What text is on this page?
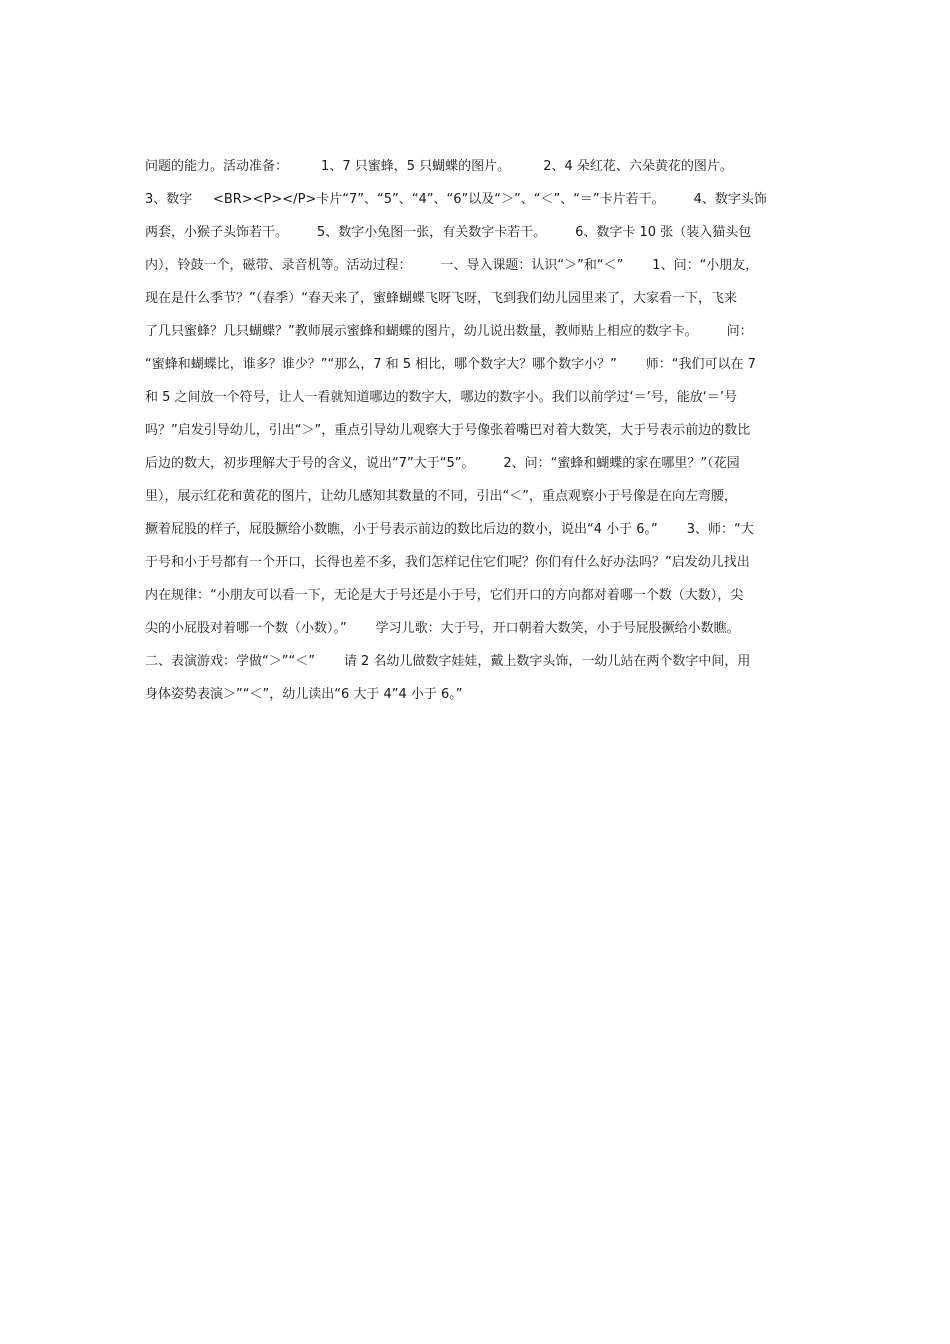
问题的能力。活动准备：        1、7 只蜜蜂，5 只蝴蝶的图片。        2、4 朵红花、六朵黄花的图片。
3、数字     <BR><P></P>卡片“7”、“5”、“4”、“6”以及“＞”、“＜”、“＝”卡片若干。       4、数字头饰
两套，小猴子头饰若干。       5、数字小兔图一张，有关数字卡若干。       6、数字卡 10 张（装入猫头包
内），铃鼓一个，磁带、录音机等。活动过程：       一、导入课题：认识“＞”和“＜”       1、问：“小朋友，
现在是什么季节？”（春季）“春天来了，蜜蜂蝴蝶飞呀飞呀，飞到我们幼儿园里来了，大家看一下，飞来
了几只蜜蜂？几只蝴蝶？”教师展示蜜蜂和蝴蝶的图片，幼儿说出数量，教师贴上相应的数字卡。       问：
“蜜蜂和蝴蝶比，谁多？谁少？”“那么，7 和 5 相比，哪个数字大？哪个数字小？”       师：“我们可以在 7
和 5 之间放一个符号，让人一看就知道哪边的数字大，哪边的数字小。我们以前学过‘＝’号，能放‘＝’号
吗？”启发引导幼儿，引出“＞”，重点引导幼儿观察大于号像张着嘴巴对着大数笑，大于号表示前边的数比
后边的数大，初步理解大于号的含义，说出“7”大于“5”。       2、问：“蜜蜂和蝴蝶的家在哪里？”（花园
里），展示红花和黄花的图片，让幼儿感知其数量的不同，引出“＜”，重点观察小于号像是在向左弯腰，
撅着屁股的样子，屁股撅给小数瞧，小于号表示前边的数比后边的数小，说出“4 小于 6。”       3、师：“大
于号和小于号都有一个开口，长得也差不多，我们怎样记住它们呢？你们有什么好办法吗？”启发幼儿找出
内在规律：“小朋友可以看一下，无论是大于号还是小于号，它们开口的方向都对着哪一个数（大数），尖
尖的小屁股对着哪一个数（小数）。”       学习儿歌：大于号，开口朝着大数笑，小于号屁股撅给小数瞧。
二、表演游戏：学做“＞”“＜”       请 2 名幼儿做数字娃娃，戴上数字头饰，一幼儿站在两个数字中间，用
身体姿势表演＞”“＜”，幼儿读出“6 大于 4”4 小于 6。”
